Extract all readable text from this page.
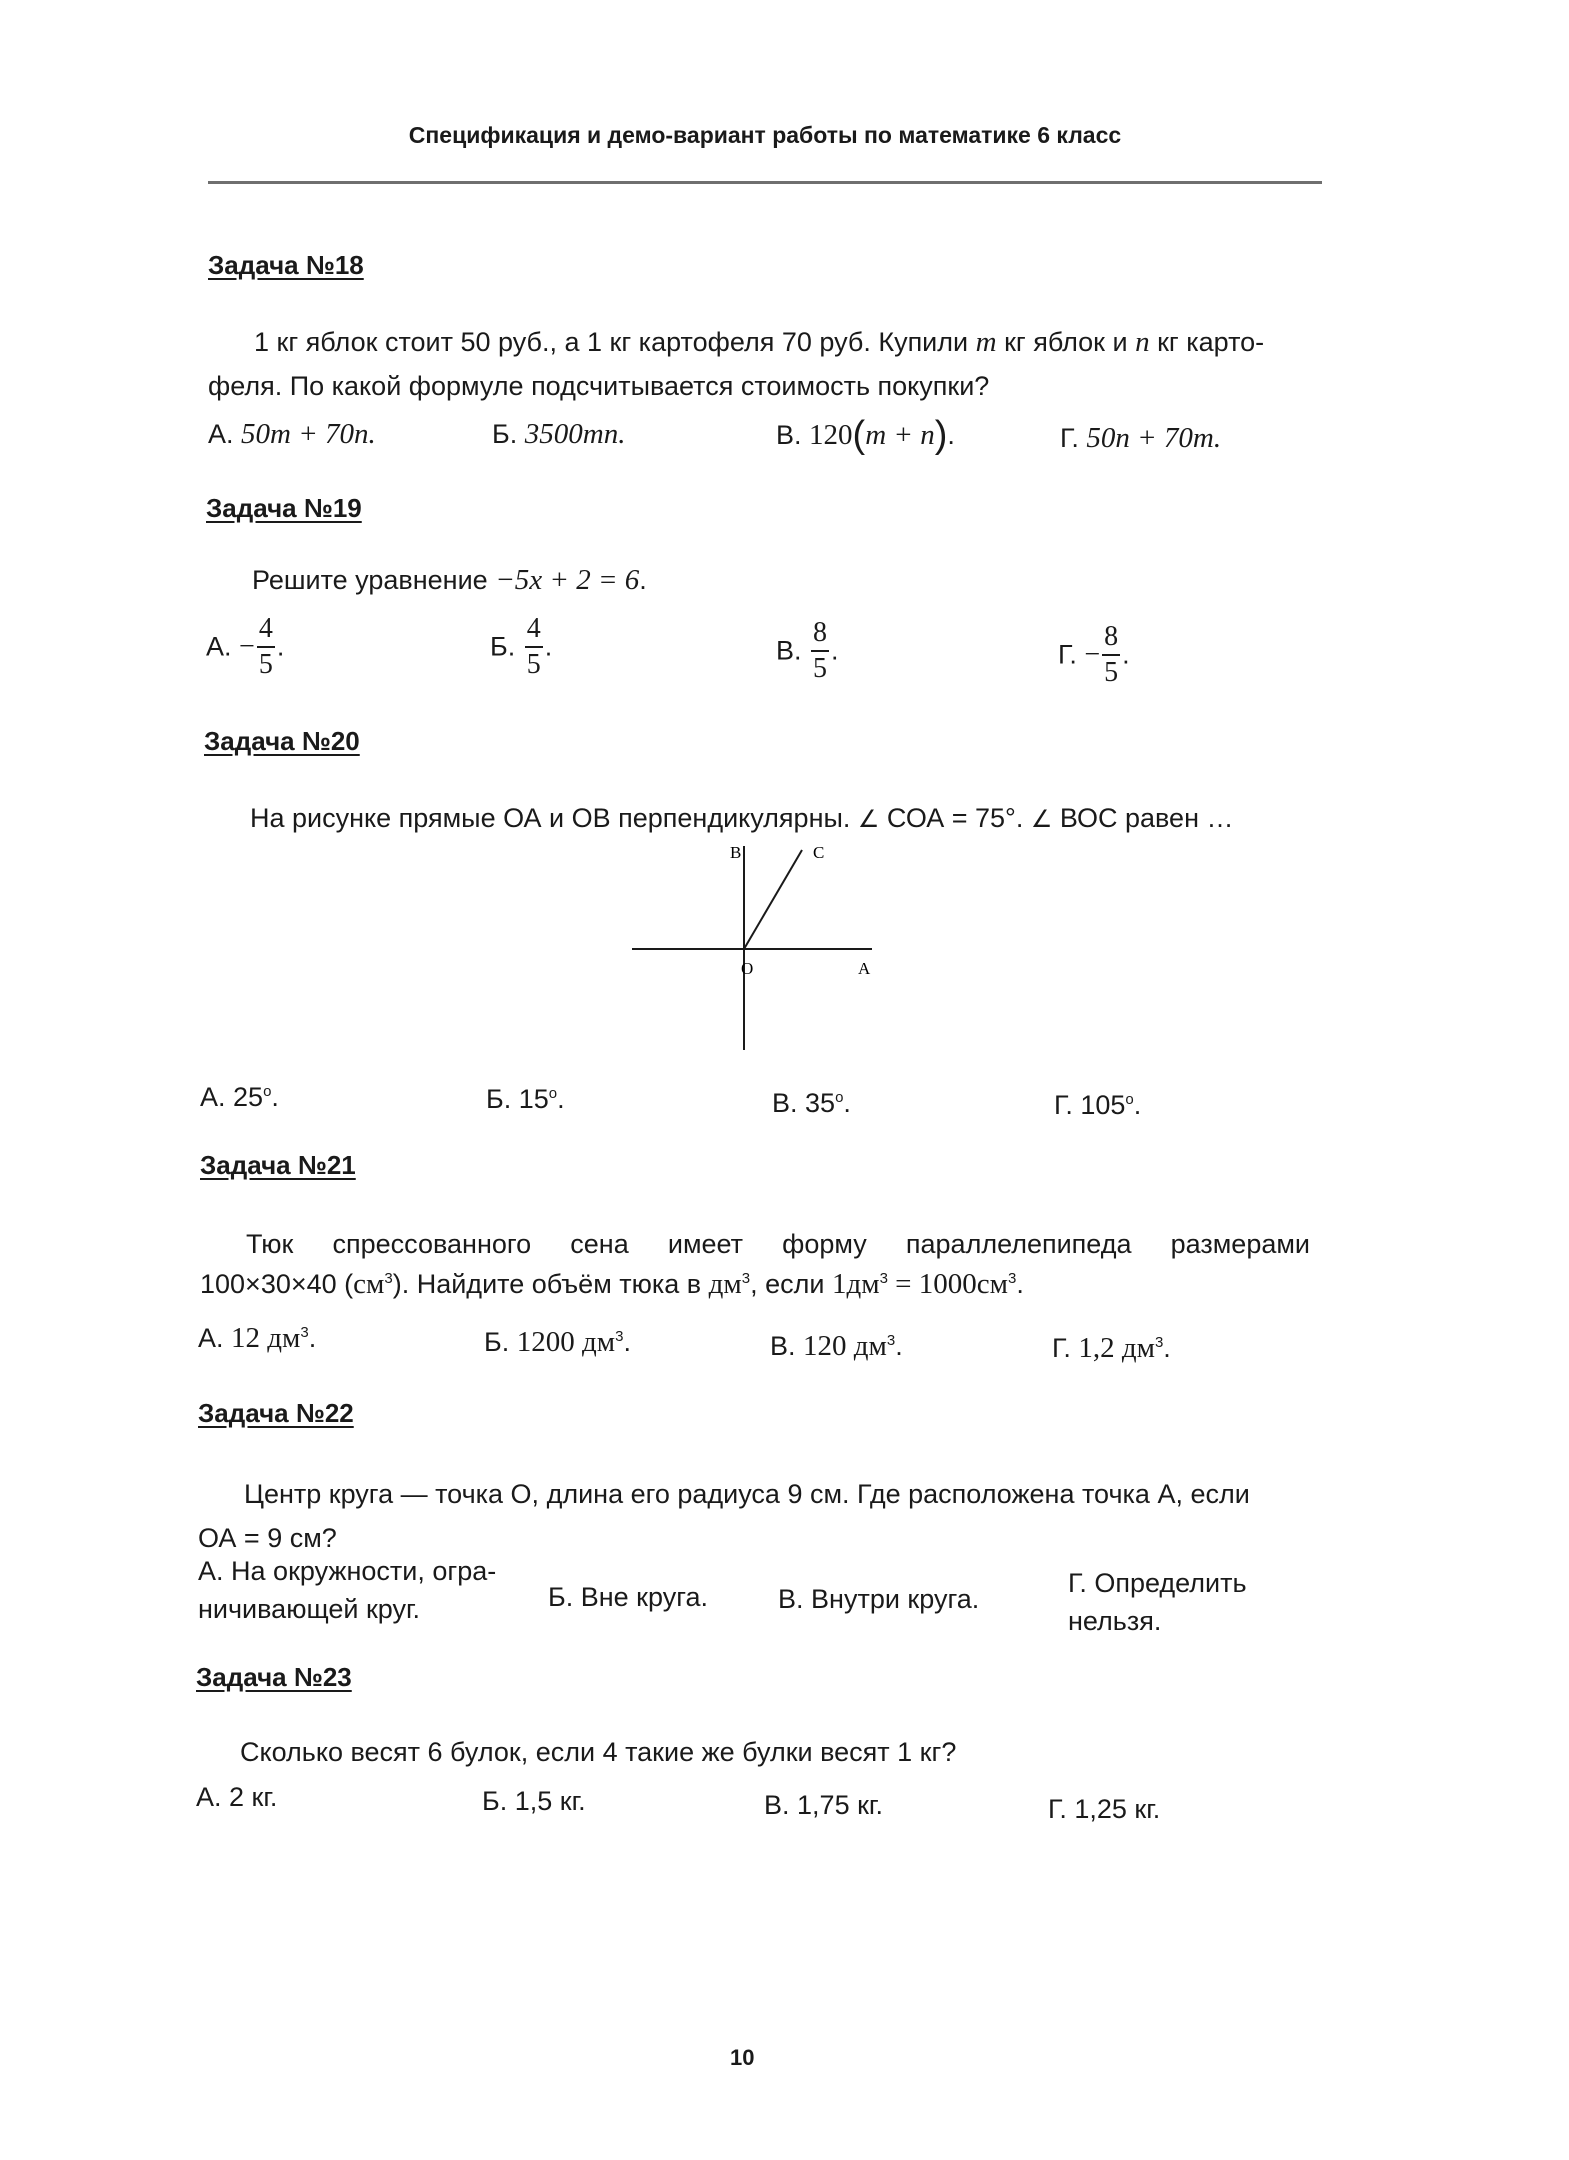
Спецификация и демо-вариант работы по математике 6 класс
Задача №18
1 кг яблок стоит 50 руб., а 1 кг картофеля 70 руб. Купили m кг яблок и n кг карто-
феля. По какой формуле подсчитывается стоимость покупки?
А. 50m + 70n.	Б. 3500mn.	В. 120(m + n).	Г. 50n + 70m.
Задача №19
Решите уравнение −5x + 2 = 6.
А. − $\frac{4}{5}$ .	Б. $\frac{4}{5}$ .	В. $\frac{8}{5}$ .	Г. − $\frac{8}{5}$ .
Задача №20
На рисунке прямые ОА и ОВ перпендикулярны. ∠ СОА = 75°. ∠ ВОС равен …
B	C
O	A
А. 25$^o$.	Б. 15$^o$.	В. 35$^o$.	Г. 105$^o$.
Задача №21
Тюк спрессованного сена имеет форму параллелепипеда размерами
100×30×40 $(см^3)$. Найдите объём тюка в $дм^3$, если $1дм^3 = 1000см^3$.
А. 12 $дм^3$.	Б. 1200 $дм^3$.	В. 120 $дм^3$.	Г. 1,2 $дм^3$.
Задача №22
Центр круга — точка О, длина его радиуса 9 см. Где расположена точка А, если
ОА = 9 см?
А. На окружности, огра-
ничивающей круг.	Б. Вне круга.	В. Внутри круга.
Г. Определить
нельзя.
Задача №23
Сколько весят 6 булок, если 4 такие же булки весят 1 кг?
А. 2 кг.	Б. 1,5 кг.	В. 1,75 кг.	Г. 1,25 кг.
10
